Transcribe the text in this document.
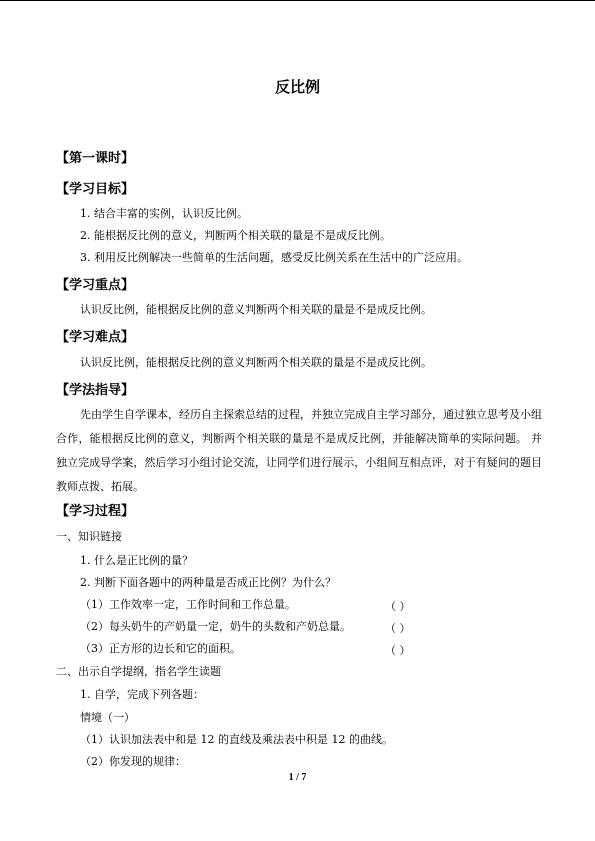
反比例
【第一课时】
【学习目标】
1. 结合丰富的实例，认识反比例。
2. 能根据反比例的意义，判断两个相关联的量是不是成反比例。
3. 利用反比例解决一些简单的生活问题，感受反比例关系在生活中的广泛应用。
【学习重点】
认识反比例，能根据反比例的意义判断两个相关联的量是不是成反比例。
【学习难点】
认识反比例，能根据反比例的意义判断两个相关联的量是不是成反比例。
【学法指导】
先由学生自学课本，经历自主探索总结的过程，并独立完成自主学习部分，通过独立思考及小组合作，能根据反比例的意义，判断两个相关联的量是不是成反比例，并能解决简单的实际问题。 并独立完成导学案，然后学习小组讨论交流，让同学们进行展示，小组间互相点评，对于有疑问的题目教师点拨、拓展。
【学习过程】
一、知识链接
1. 什么是正比例的量？
2. 判断下面各题中的两种量是否成正比例？为什么？
（1）工作效率一定，工作时间和工作总量。	（ ）
（2）每头奶牛的产奶量一定，奶牛的头数和产奶总量。	（ ）
（3）正方形的边长和它的面积。	（ ）
二、出示自学提纲，指名学生读题
1. 自学，完成下列各题：
情境（一）
（1）认识加法表中和是 12 的直线及乘法表中积是 12 的曲线。
（2）你发现的规律：
1 / 7
